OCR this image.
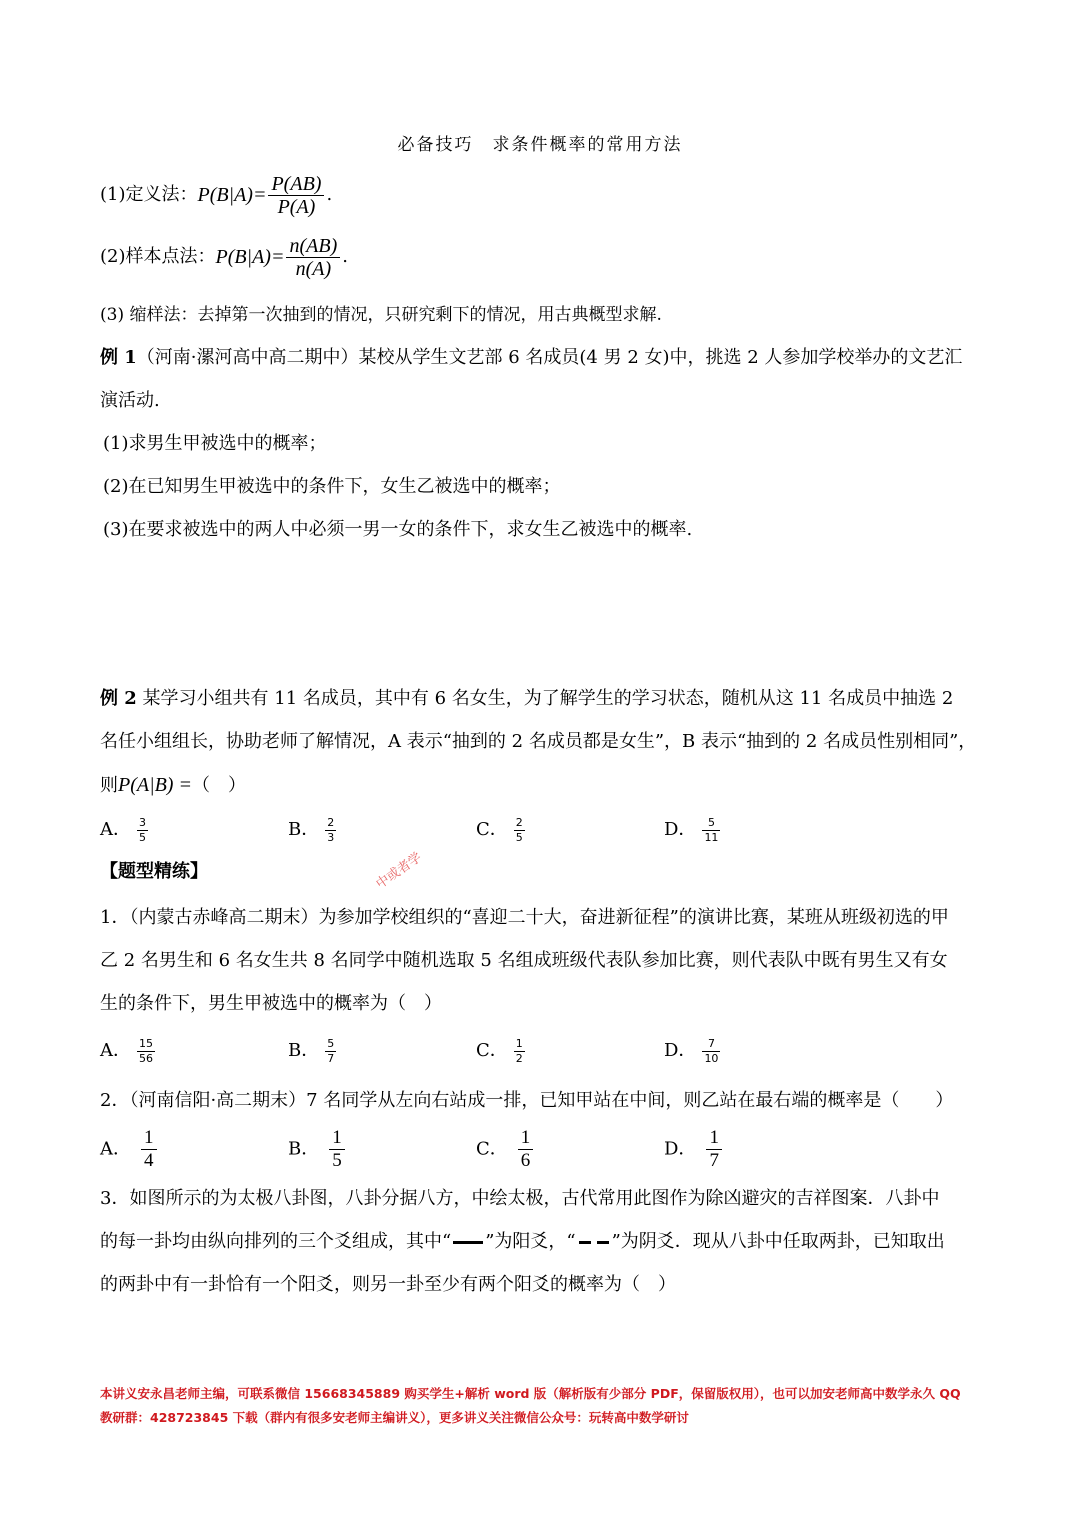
必备技巧　求条件概率的常用方法
(1)定义法： $P(B|A)= \frac{P(AB)}{P(A)}$ .
(2)样本点法： $P(B|A)= \frac{n(AB)}{n(A)}$ .
(3) 缩样法：去掉第一次抽到的情况，只研究剩下的情况，用古典概型求解.
例 1（河南·漯河高中高二期中）某校从学生文艺部 6 名成员(4 男 2 女)中，挑选 2 人参加学校举办的文艺汇
演活动.
(1)求男生甲被选中的概率；
(2)在已知男生甲被选中的条件下，女生乙被选中的概率；
(3)在要求被选中的两人中必须一男一女的条件下，求女生乙被选中的概率.
例 2 某学习小组共有 11 名成员，其中有 6 名女生，为了解学生的学习状态，随机从这 11 名成员中抽选 2
名任小组组长，协助老师了解情况，A 表示“抽到的 2 名成员都是女生”，B 表示“抽到的 2 名成员性别相同”，
则P(A|B) =（　）
A． $\frac{3}{5}$	B． $\frac{2}{3}$	C． $\frac{2}{5}$	D． $\frac{5}{11}$
【题型精练】	中或者学
1．（内蒙古赤峰高二期末）为参加学校组织的“喜迎二十大，奋进新征程”的演讲比赛，某班从班级初选的甲
乙 2 名男生和 6 名女生共 8 名同学中随机选取 5 名组成班级代表队参加比赛，则代表队中既有男生又有女
生的条件下，男生甲被选中的概率为（　）
A． $\frac{15}{56}$	B． $\frac{5}{7}$	C． $\frac{1}{2}$	D． $\frac{7}{10}$
2．（河南信阳·高二期末）7 名同学从左向右站成一排，已知甲站在中间，则乙站在最右端的概率是（　　）
A． $\frac{1}{4}$	B． $\frac{1}{5}$	C． $\frac{1}{6}$	D． $\frac{1}{7}$
3．如图所示的为太极八卦图，八卦分据八方，中绘太极，古代常用此图作为除凶避灾的吉祥图案．八卦中
的每一卦均由纵向排列的三个爻组成，其中“ ”为阳爻，“ ”为阴爻．现从八卦中任取两卦，已知取出
的两卦中有一卦恰有一个阳爻，则另一卦至少有两个阳爻的概率为（　）
本讲义安永昌老师主编，可联系微信 15668345889 购买学生+解析 word 版（解析版有少部分 PDF，保留版权用），也可以加安老师高中数学永久 QQ
教研群：428723845 下载（群内有很多安老师主编讲义），更多讲义关注微信公众号：玩转高中数学研讨
